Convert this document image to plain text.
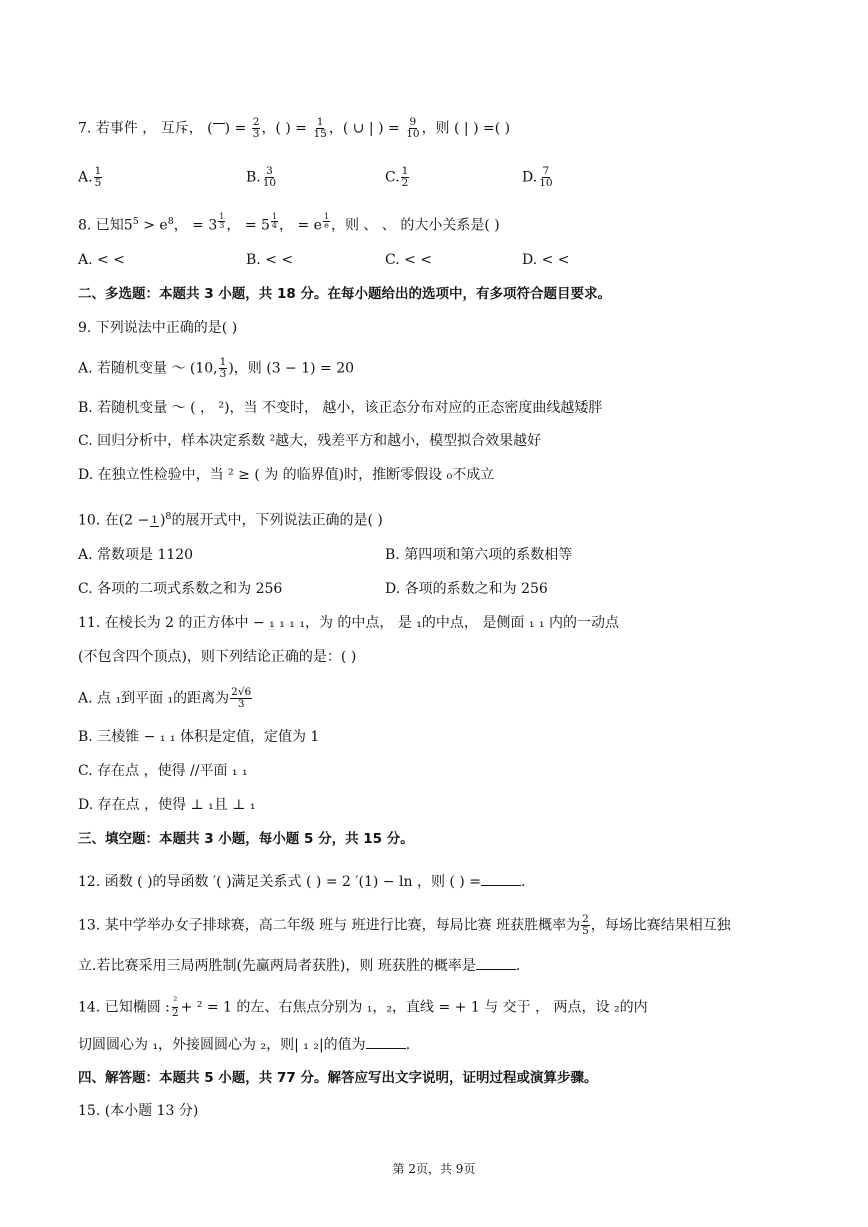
7. 若事件 ， 互斥， ( ) = $\frac{2}{3}$ ，( ) = $\frac{1}{15}$ ，( ∪ | ) = $\frac{9}{10}$ ，则 ( | ) =( )
A. $\frac{1}{5}$	B. $\frac{3}{10}$	C. $\frac{1}{2}$	D. $\frac{7}{10}$
8. 已知$5^5 > e^8$， = 3 $^{\frac{1}{3}}$ ， = 5 $^{\frac{1}{4}}$ ， = e $^{\frac{1}{e}}$ ，则 、 、 的大小关系是( )
A. < <	B. < <	C. < <	D. < <
二、多选题：本题共 3 小题，共 18 分。在每小题给出的选项中，有多项符合题目要求。
9. 下列说法中正确的是( )
A. 若随机变量 ～ (10, $\frac{1}{3}$ )，则 (3 − 1) = 20
B. 若随机变量 ～ ( ， ²)，当 不变时， 越小，该正态分布对应的正态密度曲线越矮胖
C. 回归分析中，样本决定系数 ²越大，残差平方和越小，模型拟合效果越好
D. 在独立性检验中，当 ² ≥ ( 为 的临界值)时，推断零假设 ₀不成立
10. 在(2 − 1 )$^8$的展开式中，下列说法正确的是( )
A. 常数项是 1120	B. 第四项和第六项的系数相等
C. 各项的二项式系数之和为 256	D. 各项的系数之和为 256
11. 在棱长为 2 的正方体中 − ₁ ₁ ₁ ₁，为 的中点， 是 ₁的中点， 是侧面 ₁ ₁ 内的一动点
(不包含四个顶点)，则下列结论正确的是：( )
A. 点 ₁到平面 ₁的距离为 $\frac{2√6}{3}$
B. 三棱锥 − ₁ ₁ 体积是定值，定值为 1
C. 存在点 ，使得 //平面 ₁ ₁
D. 存在点 ，使得 ⊥ ₁且 ⊥ ₁
三、填空题：本题共 3 小题，每小题 5 分，共 15 分。
12. 函数 ( )的导函数 ′( )满足关系式 ( ) = 2 ′(1) − ln ，则 ( ) =	.
13. 某中学举办女子排球赛，高二年级 班与 班进行比赛，每局比赛 班获胜概率为 $\frac{2}{5}$ ，每场比赛结果相互独
立.若比赛采用三局两胜制(先赢两局者获胜)，则 班获胜的概率是	.
14. 已知椭圆 : $\frac{\text{²}}{2} + ^2 = 1$ 的左、右焦点分别为 ₁，₂，直线 = + 1 与 交于 ， 两点，设 ₂的内
切圆圆心为 ₁，外接圆圆心为 ₂，则| ₁ ₂|的值为	.
四、解答题：本题共 5 小题，共 77 分。解答应写出文字说明，证明过程或演算步骤。
15. (本小题 13 分)
第 2页，共 9页
